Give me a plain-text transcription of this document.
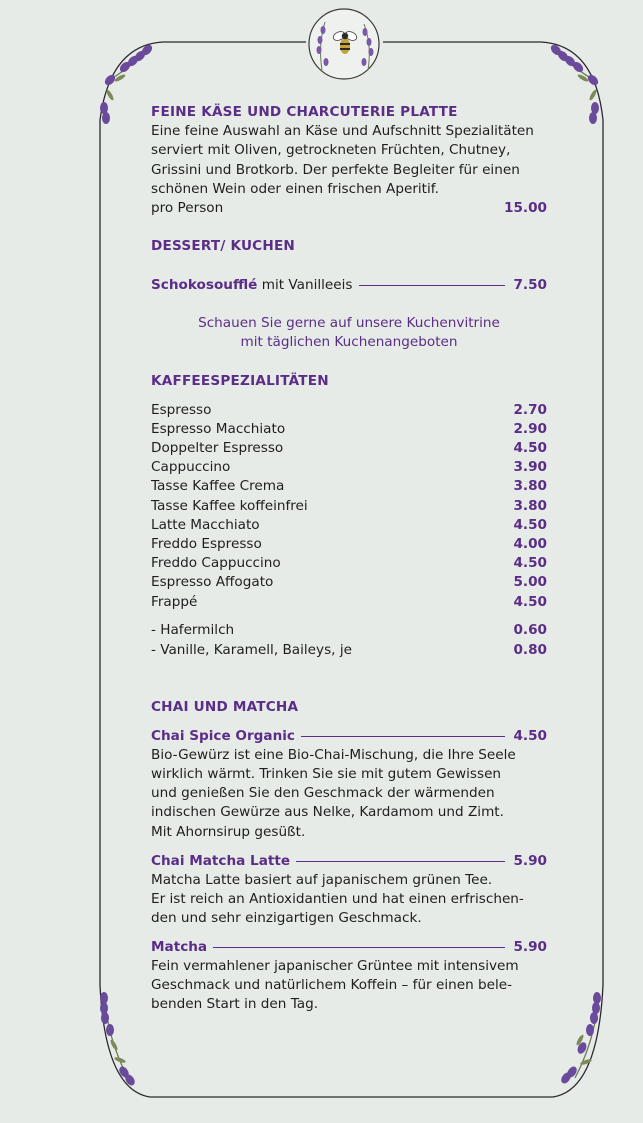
FEINE KÄSE UND CHARCUTERIE PLATTE
Eine feine Auswahl an Käse und Aufschnitt Spezialitäten
serviert mit Oliven, getrockneten Früchten, Chutney,
Grissini und Brotkorb. Der perfekte Begleiter für einen
schönen Wein oder einen frischen Aperitif.
pro Person	15.00
DESSERT/ KUCHEN
Schokosoufflé mit Vanilleeis	7.50
Schauen Sie gerne auf unsere Kuchenvitrine
mit täglichen Kuchenangeboten
KAFFEESPEZIALITÄTEN
Espresso	2.70
Espresso Macchiato	2.90
Doppelter Espresso	4.50
Cappuccino	3.90
Tasse Kaffee Crema	3.80
Tasse Kaffee koffeinfrei	3.80
Latte Macchiato	4.50
Freddo Espresso	4.00
Freddo Cappuccino	4.50
Espresso Affogato	5.00
Frappé	4.50
- Hafermilch	0.60
- Vanille, Karamell, Baileys, je	0.80
CHAI UND MATCHA
Chai Spice Organic	4.50
Bio-Gewürz ist eine Bio-Chai-Mischung, die Ihre Seele
wirklich wärmt. Trinken Sie sie mit gutem Gewissen
und genießen Sie den Geschmack der wärmenden
indischen Gewürze aus Nelke, Kardamom und Zimt.
Mit Ahornsirup gesüßt.
Chai Matcha Latte	5.90
Matcha Latte basiert auf japanischem grünen Tee.
Er ist reich an Antioxidantien und hat einen erfrischen-
den und sehr einzigartigen Geschmack.
Matcha	5.90
Fein vermahlener japanischer Grüntee mit intensivem
Geschmack und natürlichem Koffein – für einen bele-
benden Start in den Tag.
